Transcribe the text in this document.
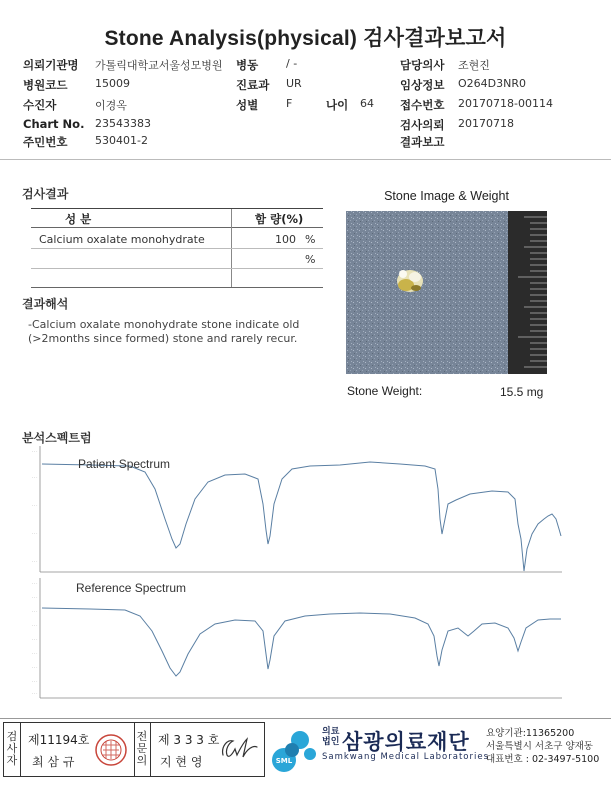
Stone Analysis(physical) 검사결과보고서
의뢰기관명 가톨릭대학교서울성모병원 병동	/ -	담당의사 조현진
병원코드	15009	진료과 UR	임상정보 O264D3NR0
수진자	이경옥	성별	F	나이 64 접수번호 20170718-00114
Chart No. 23543383	검사의뢰 20170718
주민번호	530401-2	결과보고
검사결과
성 분	함 량(%)
Calcium oxalate monohydrate	100 %
%
결과해석
-Calcium oxalate monohydrate stone indicate old
(>2months since formed) stone and rarely recur.
Stone Image & Weight
Stone Weight:	15.5 mg
분석스펙트럼
- - -
- - -
- - -
- - -
- - -
- - -
- - -
- - -
- - -
- - -
- - -
- - -
- - -
- - -
Patient Spectrum
Reference Spectrum
검
사
자
제11194호
최 삼 규
전
문
의
제 3 3 3 호
지 현 영	SML
의료
법인 삼광의료재단
Samkwang Medical Laboratories
요양기관:11365200
서울특별시 서초구 양재동
대표번호 : 02-3497-5100
